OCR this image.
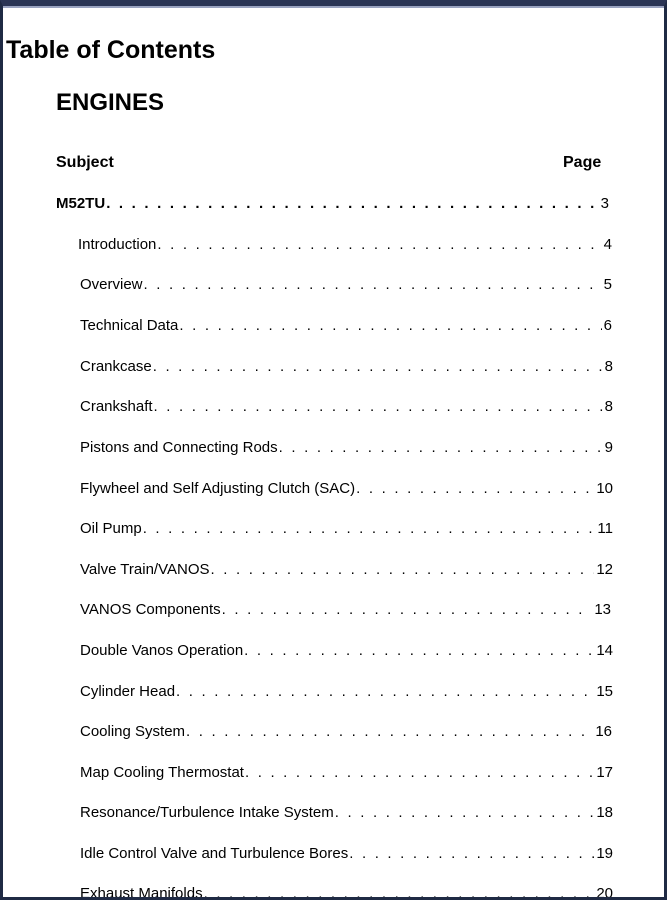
Table of Contents
ENGINES
Subject	Page
M52TU . . .	3
Introduction . . .	4
Overview . . .	5
Technical Data . . .	6
Crankcase . . .	8
Crankshaft . . .	8
Pistons and Connecting Rods . . .	9
Flywheel and Self Adjusting Clutch (SAC) . . .	10
Oil Pump . . .	11
Valve Train/VANOS . . .	12
VANOS Components . . .	13
Double Vanos Operation . . .	14
Cylinder Head . . .	15
Cooling System . . .	16
Map Cooling Thermostat . . .	17
Resonance/Turbulence Intake System . . .	18
Idle Control Valve and Turbulence Bores . . .	19
Exhaust Manifolds . . .	20
